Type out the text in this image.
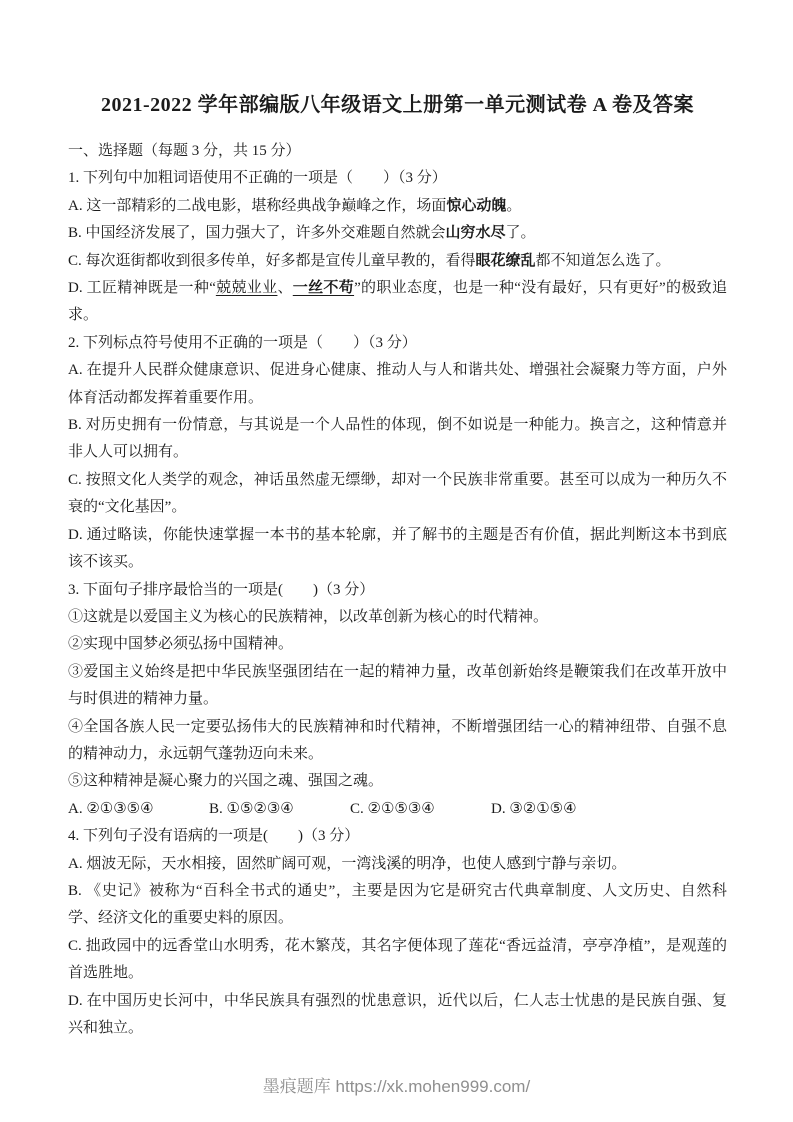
2021-2022 学年部编版八年级语文上册第一单元测试卷 A 卷及答案

一、选择题（每题 3 分，共 15 分）

1. 下列句中加粗词语使用不正确的一项是（　　）（3 分）

A. 这一部精彩的二战电影，堪称经典战争巅峰之作，场面惊心动魄。

B. 中国经济发展了，国力强大了，许多外交难题自然就会山穷水尽了。

C. 每次逛街都收到很多传单，好多都是宣传儿童早教的，看得眼花缭乱都不知道怎么选了。

D. 工匠精神既是一种“兢兢业业、一丝不苟”的职业态度，也是一种“没有最好，只有更好”的极致追求。

2. 下列标点符号使用不正确的一项是（　　）（3 分）

A. 在提升人民群众健康意识、促进身心健康、推动人与人和谐共处、增强社会凝聚力等方面，户外体育活动都发挥着重要作用。

B. 对历史拥有一份情意，与其说是一个人品性的体现，倒不如说是一种能力。换言之，这种情意并非人人可以拥有。

C. 按照文化人类学的观念，神话虽然虚无缥缈，却对一个民族非常重要。甚至可以成为一种历久不衰的“文化基因”。

D. 通过略读，你能快速掌握一本书的基本轮廓，并了解书的主题是否有价值，据此判断这本书到底该不该买。

3. 下面句子排序最恰当的一项是(　　)（3 分）

①这就是以爱国主义为核心的民族精神，以改革创新为核心的时代精神。

②实现中国梦必须弘扬中国精神。

③爱国主义始终是把中华民族坚强团结在一起的精神力量，改革创新始终是鞭策我们在改革开放中与时俱进的精神力量。

④全国各族人民一定要弘扬伟大的民族精神和时代精神，不断增强团结一心的精神纽带、自强不息的精神动力，永远朝气蓬勃迈向未来。

⑤这种精神是凝心聚力的兴国之魂、强国之魂。

A. ②①③⑤④	B. ①⑤②③④	C. ②①⑤③④	D. ③②①⑤④

4. 下列句子没有语病的一项是(　　)（3 分）

A. 烟波无际，天水相接，固然旷阔可观，一湾浅溪的明净，也使人感到宁静与亲切。

B. 《史记》被称为“百科全书式的通史”，主要是因为它是研究古代典章制度、人文历史、自然科学、经济文化的重要史料的原因。

C. 拙政园中的远香堂山水明秀，花木繁茂，其名字便体现了莲花“香远益清，亭亭净植”，是观莲的首选胜地。

D. 在中国历史长河中，中华民族具有强烈的忧患意识，近代以后，仁人志士忧患的是民族自强、复兴和独立。

墨痕题库 https://xk.mohen999.com/
